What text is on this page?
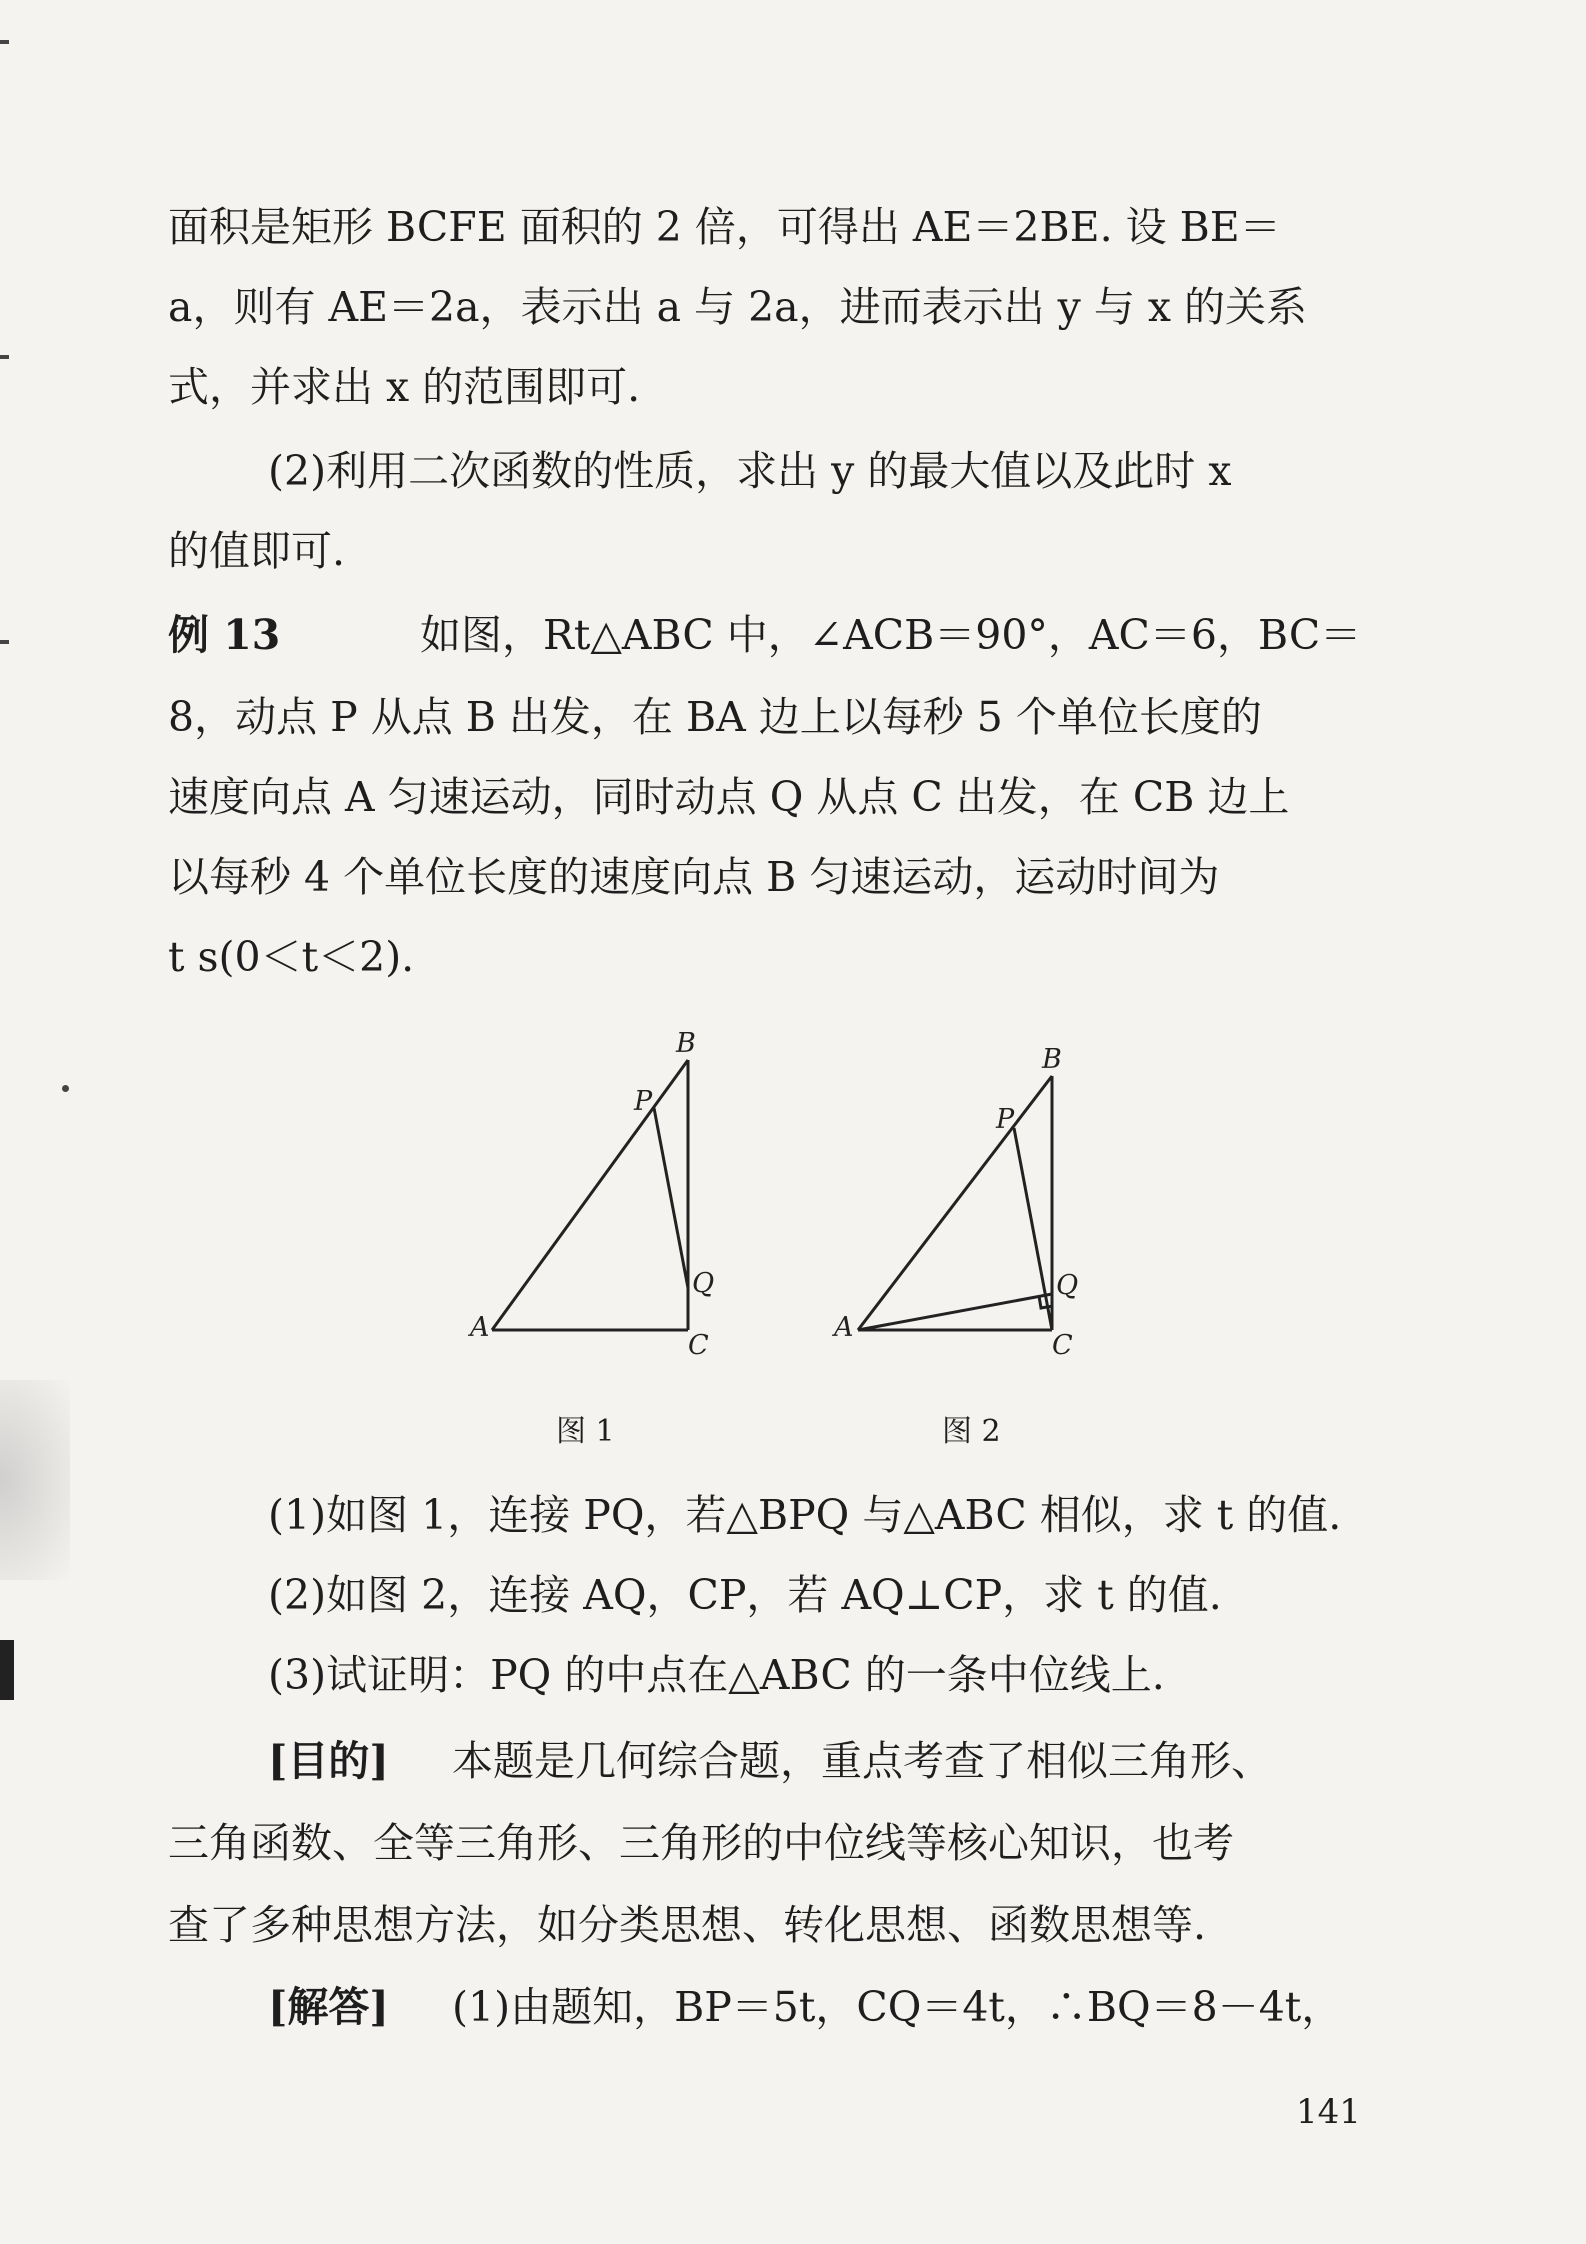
面积是矩形 BCFE 面积的 2 倍，可得出 AE＝2BE. 设 BE＝
a，则有 AE＝2a，表示出 a 与 2a，进而表示出 y 与 x 的关系
式，并求出 x 的范围即可.
(2)利用二次函数的性质，求出 y 的最大值以及此时 x
的值即可.
例 13	如图，Rt△ABC 中，∠ACB＝90°，AC＝6，BC＝
8，动点 P 从点 B 出发，在 BA 边上以每秒 5 个单位长度的
速度向点 A 匀速运动，同时动点 Q 从点 C 出发，在 CB 边上
以每秒 4 个单位长度的速度向点 B 匀速运动，运动时间为
t s(0＜t＜2).
B
P
Q
A
C
B
P
Q
A
C
图 1	图 2
(1)如图 1，连接 PQ，若△BPQ 与△ABC 相似，求 t 的值.
(2)如图 2，连接 AQ，CP，若 AQ⊥CP，求 t 的值.
(3)试证明：PQ 的中点在△ABC 的一条中位线上.
[目的] 本题是几何综合题，重点考查了相似三角形、
三角函数、全等三角形、三角形的中位线等核心知识，也考
查了多种思想方法，如分类思想、转化思想、函数思想等.
[解答] (1)由题知，BP＝5t，CQ＝4t，∴BQ＝8－4t，
141
